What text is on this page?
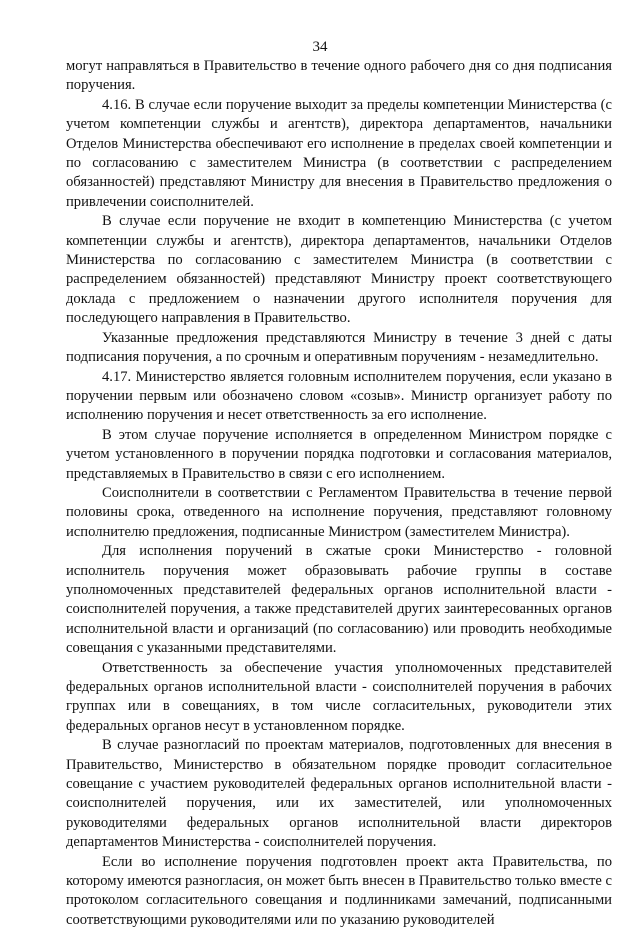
34

могут направляться в Правительство в течение одного рабочего дня со дня подписания поручения.

4.16. В случае если поручение выходит за пределы компетенции Министерства (с учетом компетенции службы и агентств), директора департаментов, начальники Отделов Министерства обеспечивают его исполнение в пределах своей компетенции и по согласованию с заместителем Министра (в соответствии с распределением обязанностей) представляют Министру для внесения в Правительство предложения о привлечении соисполнителей.

В случае если поручение не входит в компетенцию Министерства (с учетом компетенции службы и агентств), директора департаментов, начальники Отделов Министерства по согласованию с заместителем Министра (в соответствии с распределением обязанностей) представляют Министру проект соответствующего доклада с предложением о назначении другого исполнителя поручения для последующего направления в Правительство.

Указанные предложения представляются Министру в течение 3 дней с даты подписания поручения, а по срочным и оперативным поручениям - незамедлительно.

4.17. Министерство является головным исполнителем поручения, если указано в поручении первым или обозначено словом «созыв». Министр организует работу по исполнению поручения и несет ответственность за его исполнение.

В этом случае поручение исполняется в определенном Министром порядке с учетом установленного в поручении порядка подготовки и согласования материалов, представляемых в Правительство в связи с его исполнением.

Соисполнители в соответствии с Регламентом Правительства в течение первой половины срока, отведенного на исполнение поручения, представляют головному исполнителю предложения, подписанные Министром (заместителем Министра).

Для исполнения поручений в сжатые сроки Министерство - головной исполнитель поручения может образовывать рабочие группы в составе уполномоченных представителей федеральных органов исполнительной власти - соисполнителей поручения, а также представителей других заинтересованных органов исполнительной власти и организаций (по согласованию) или проводить необходимые совещания с указанными представителями.

Ответственность за обеспечение участия уполномоченных представителей федеральных органов исполнительной власти - соисполнителей поручения в рабочих группах или в совещаниях, в том числе согласительных, руководители этих федеральных органов несут в установленном порядке.

В случае разногласий по проектам материалов, подготовленных для внесения в Правительство, Министерство в обязательном порядке проводит согласительное совещание с участием руководителей федеральных органов исполнительной власти - соисполнителей поручения, или их заместителей, или уполномоченных руководителями федеральных органов исполнительной власти директоров департаментов Министерства - соисполнителей поручения.

Если во исполнение поручения подготовлен проект акта Правительства, по которому имеются разногласия, он может быть внесен в Правительство только вместе с протоколом согласительного совещания и подлинниками замечаний, подписанными соответствующими руководителями или по указанию руководителей
